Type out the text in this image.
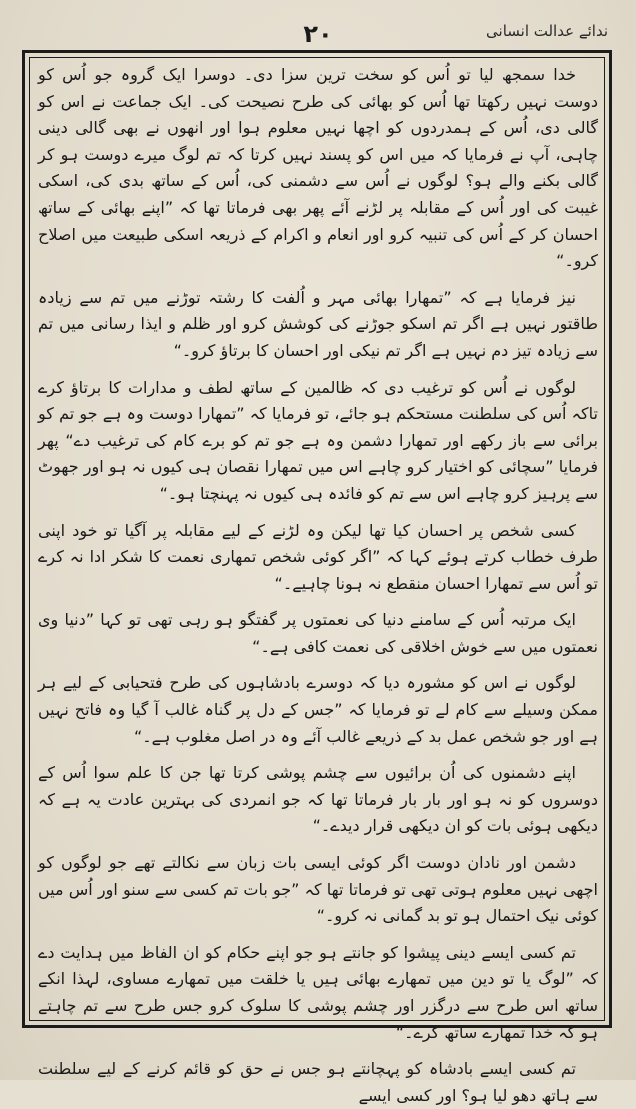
ندائے عدالت انسانی
۲۰

خدا سمجھ لیا تو اُس کو سخت ترین سزا دی۔ دوسرا ایک گروہ جو اُس کو دوست نہیں رکھتا تھا اُس کو بھائی کی طرح نصیحت کی۔ ایک جماعت نے اس کو گالی دی، اُس کے ہمدردوں کو اچھا نہیں معلوم ہوا اور انھوں نے بھی گالی دینی چاہی، آپ نے فرمایا کہ میں اس کو پسند نہیں کرتا کہ تم لوگ میرے دوست ہو کر گالی بکنے والے ہو؟ لوگوں نے اُس سے دشمنی کی، اُس کے ساتھ بدی کی، اسکی غیبت کی اور اُس کے مقابلہ پر لڑنے آئے پھر بھی فرماتا تھا کہ ”اپنے بھائی کے ساتھ احسان کر کے اُس کی تنبیہ کرو اور انعام و اکرام کے ذریعہ اسکی طبیعت میں اصلاح کرو۔“

نیز فرمایا ہے کہ ”تمھارا بھائی مہر و اُلفت کا رشتہ توڑنے میں تم سے زیادہ طاقتور نہیں ہے اگر تم اسکو جوڑنے کی کوشش کرو اور ظلم و ایذا رسانی میں تم سے زیادہ تیز دم نہیں ہے اگر تم نیکی اور احسان کا برتاؤ کرو۔“

لوگوں نے اُس کو ترغیب دی کہ ظالمین کے ساتھ لطف و مدارات کا برتاؤ کرے تاکہ اُس کی سلطنت مستحکم ہو جائے، تو فرمایا کہ ”تمھارا دوست وہ ہے جو تم کو برائی سے باز رکھے اور تمھارا دشمن وہ ہے جو تم کو برے کام کی ترغیب دے“ پھر فرمایا ”سچائی کو اختیار کرو چاہے اس میں تمھارا نقصان ہی کیوں نہ ہو اور جھوٹ سے پرہیز کرو چاہے اس سے تم کو فائدہ ہی کیوں نہ پہنچتا ہو۔“

کسی شخص پر احسان کیا تھا لیکن وہ لڑنے کے لیے مقابلہ پر آگیا تو خود اپنی طرف خطاب کرتے ہوئے کہا کہ ”اگر کوئی شخص تمھاری نعمت کا شکر ادا نہ کرے تو اُس سے تمھارا احسان منقطع نہ ہونا چاہیے۔“

ایک مرتبہ اُس کے سامنے دنیا کی نعمتوں پر گفتگو ہو رہی تھی تو کہا ”دنیا وی نعمتوں میں سے خوش اخلاقی کی نعمت کافی ہے۔“

لوگوں نے اس کو مشورہ دیا کہ دوسرے بادشاہوں کی طرح فتحیابی کے لیے ہر ممکن وسیلے سے کام لے تو فرمایا کہ ”جس کے دل پر گناہ غالب آ گیا وہ فاتح نہیں ہے اور جو شخص عمل بد کے ذریعے غالب آئے وہ در اصل مغلوب ہے۔“

اپنے دشمنوں کی اُن برائیوں سے چشم پوشی کرتا تھا جن کا علم سوا اُس کے دوسروں کو نہ ہو اور بار بار فرماتا تھا کہ جو انمردی کی بہترین عادت یہ ہے کہ دیکھی ہوئی بات کو ان دیکھی قرار دیدے۔“

دشمن اور نادان دوست اگر کوئی ایسی بات زبان سے نکالتے تھے جو لوگوں کو اچھی نہیں معلوم ہوتی تھی تو فرماتا تھا کہ ”جو بات تم کسی سے سنو اور اُس میں کوئی نیک احتمال ہو تو بد گمانی نہ کرو۔“

تم کسی ایسے دینی پیشوا کو جانتے ہو جو اپنے حکام کو ان الفاظ میں ہدایت دے کہ ”لوگ یا تو دین میں تمھارے بھائی ہیں یا خلقت میں تمھارے مساوی، لہذا انکے ساتھ اس طرح سے درگزر اور چشم پوشی کا سلوک کرو جس طرح سے تم چاہتے ہو کہ خدا تمھارے ساتھ کرے۔“

تم کسی ایسے بادشاہ کو پہچانتے ہو جس نے حق کو قائم کرنے کے لیے سلطنت سے ہاتھ دھو لیا ہو؟ اور کسی ایسے
